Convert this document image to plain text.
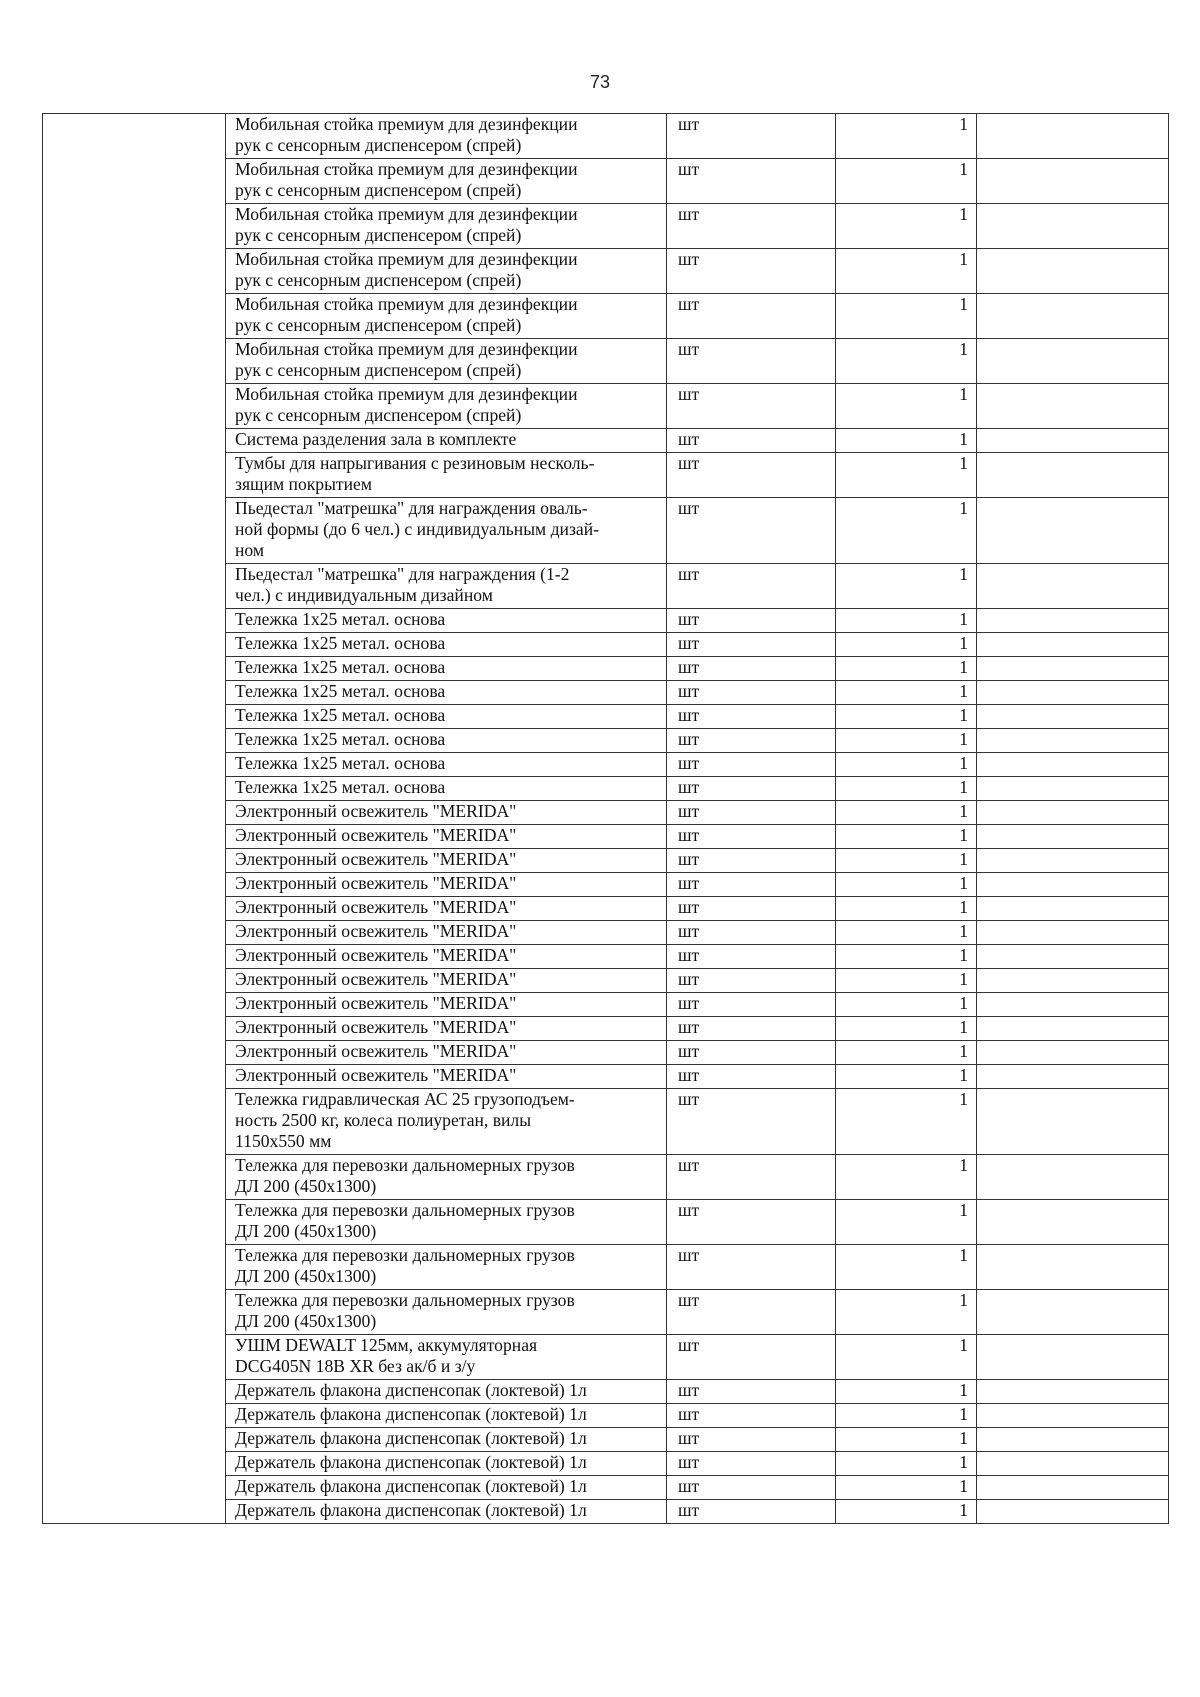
73
	Мобильная стойка премиум для дезинфекции
рук с сенсорным диспенсером (спрей)	шт	1	
	Мобильная стойка премиум для дезинфекции
рук с сенсорным диспенсером (спрей)	шт	1	
	Мобильная стойка премиум для дезинфекции
рук с сенсорным диспенсером (спрей)	шт	1	
	Мобильная стойка премиум для дезинфекции
рук с сенсорным диспенсером (спрей)	шт	1	
	Мобильная стойка премиум для дезинфекции
рук с сенсорным диспенсером (спрей)	шт	1	
	Мобильная стойка премиум для дезинфекции
рук с сенсорным диспенсером (спрей)	шт	1	
	Мобильная стойка премиум для дезинфекции
рук с сенсорным диспенсером (спрей)	шт	1	
	Система разделения зала в комплекте	шт	1	
	Тумбы для напрыгивания с резиновым несколь-
зящим покрытием	шт	1	
	Пьедестал "матрешка" для награждения оваль-
ной формы (до 6 чел.) с индивидуальным дизай-
ном	шт	1	
	Пьедестал "матрешка" для награждения (1-2
чел.) с индивидуальным дизайном	шт	1	
	Тележка 1х25 метал. основа	шт	1	
	Тележка 1х25 метал. основа	шт	1	
	Тележка 1х25 метал. основа	шт	1	
	Тележка 1х25 метал. основа	шт	1	
	Тележка 1х25 метал. основа	шт	1	
	Тележка 1х25 метал. основа	шт	1	
	Тележка 1х25 метал. основа	шт	1	
	Тележка 1х25 метал. основа	шт	1	
	Электронный освежитель "MERIDA"	шт	1	
	Электронный освежитель "MERIDA"	шт	1	
	Электронный освежитель "MERIDA"	шт	1	
	Электронный освежитель "MERIDA"	шт	1	
	Электронный освежитель "MERIDA"	шт	1	
	Электронный освежитель "MERIDA"	шт	1	
	Электронный освежитель "MERIDA"	шт	1	
	Электронный освежитель "MERIDA"	шт	1	
	Электронный освежитель "MERIDA"	шт	1	
	Электронный освежитель "MERIDA"	шт	1	
	Электронный освежитель "MERIDA"	шт	1	
	Электронный освежитель "MERIDA"	шт	1	
	Тележка гидравлическая АС 25 грузоподъем-
ность 2500 кг, колеса полиуретан, вилы
1150х550 мм	шт	1	
	Тележка для перевозки дальномерных грузов
ДЛ 200 (450х1300)	шт	1	
	Тележка для перевозки дальномерных грузов
ДЛ 200 (450х1300)	шт	1	
	Тележка для перевозки дальномерных грузов
ДЛ 200 (450х1300)	шт	1	
	Тележка для перевозки дальномерных грузов
ДЛ 200 (450х1300)	шт	1	
	УШМ DEWALT 125мм, аккумуляторная
DCG405N 18В XR без ак/б и з/у	шт	1	
	Держатель флакона диспенсопак (локтевой) 1л	шт	1	
	Держатель флакона диспенсопак (локтевой) 1л	шт	1	
	Держатель флакона диспенсопак (локтевой) 1л	шт	1	
	Держатель флакона диспенсопак (локтевой) 1л	шт	1	
	Держатель флакона диспенсопак (локтевой) 1л	шт	1	
	Держатель флакона диспенсопак (локтевой) 1л	шт	1	
